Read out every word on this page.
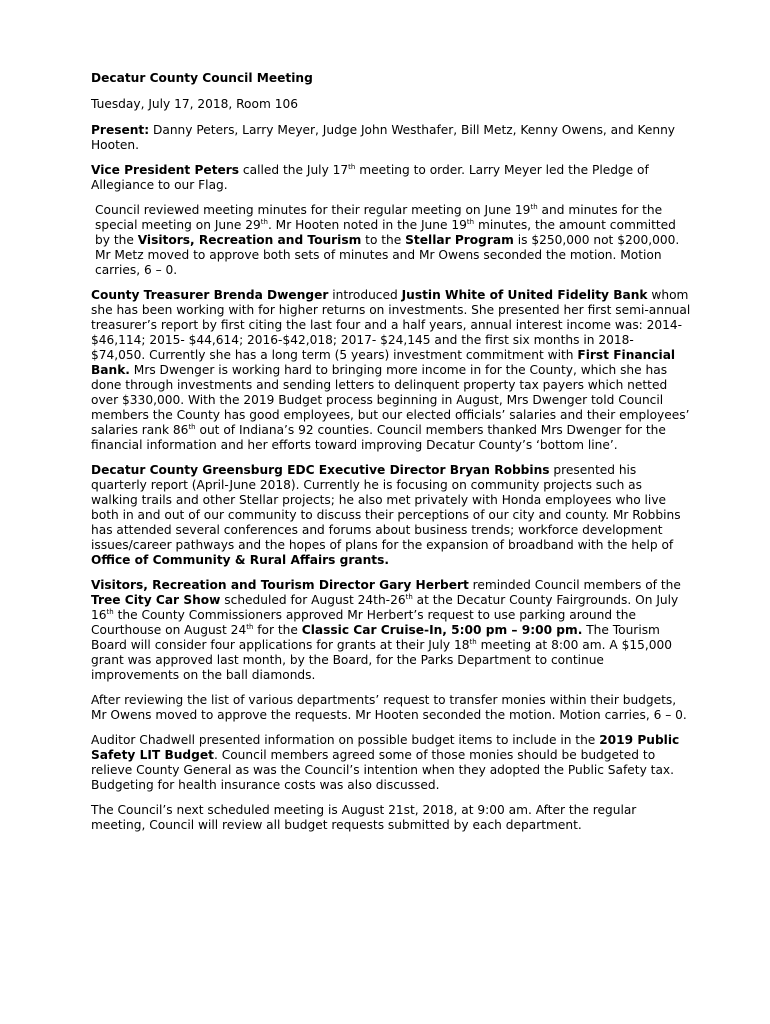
Decatur County Council Meeting

Tuesday, July 17, 2018, Room 106

Present: Danny Peters, Larry Meyer, Judge John Westhafer, Bill Metz, Kenny Owens, and Kenny Hooten.

Vice President Peters called the July 17th meeting to order. Larry Meyer led the Pledge of Allegiance to our Flag.

Council reviewed meeting minutes for their regular meeting on June 19th and minutes for the special meeting on June 29th. Mr Hooten noted in the June 19th minutes, the amount committed by the Visitors, Recreation and Tourism to the Stellar Program is $250,000 not $200,000. Mr Metz moved to approve both sets of minutes and Mr Owens seconded the motion. Motion carries, 6 – 0.

County Treasurer Brenda Dwenger introduced Justin White of United Fidelity Bank whom she has been working with for higher returns on investments. She presented her first semi-annual treasurer’s report by first citing the last four and a half years, annual interest income was: 2014- $46,114; 2015- $44,614; 2016-$42,018; 2017- $24,145 and the first six months in 2018- $74,050. Currently she has a long term (5 years) investment commitment with First Financial Bank. Mrs Dwenger is working hard to bringing more income in for the County, which she has done through investments and sending letters to delinquent property tax payers which netted over $330,000. With the 2019 Budget process beginning in August, Mrs Dwenger told Council members the County has good employees, but our elected officials’ salaries and their employees’ salaries rank 86th out of Indiana’s 92 counties. Council members thanked Mrs Dwenger for the financial information and her efforts toward improving Decatur County’s ‘bottom line’.

Decatur County Greensburg EDC Executive Director Bryan Robbins presented his quarterly report (April-June 2018). Currently he is focusing on community projects such as walking trails and other Stellar projects; he also met privately with Honda employees who live both in and out of our community to discuss their perceptions of our city and county. Mr Robbins has attended several conferences and forums about business trends; workforce development issues/career pathways and the hopes of plans for the expansion of broadband with the help of Office of Community & Rural Affairs grants.

Visitors, Recreation and Tourism Director Gary Herbert reminded Council members of the Tree City Car Show scheduled for August 24th-26th at the Decatur County Fairgrounds. On July 16th the County Commissioners approved Mr Herbert’s request to use parking around the Courthouse on August 24th for the Classic Car Cruise-In, 5:00 pm – 9:00 pm. The Tourism Board will consider four applications for grants at their July 18th meeting at 8:00 am. A $15,000 grant was approved last month, by the Board, for the Parks Department to continue improvements on the ball diamonds.

After reviewing the list of various departments’ request to transfer monies within their budgets, Mr Owens moved to approve the requests. Mr Hooten seconded the motion. Motion carries, 6 – 0.

Auditor Chadwell presented information on possible budget items to include in the 2019 Public Safety LIT Budget. Council members agreed some of those monies should be budgeted to relieve County General as was the Council’s intention when they adopted the Public Safety tax. Budgeting for health insurance costs was also discussed.

The Council’s next scheduled meeting is August 21st, 2018, at 9:00 am. After the regular meeting, Council will review all budget requests submitted by each department.
